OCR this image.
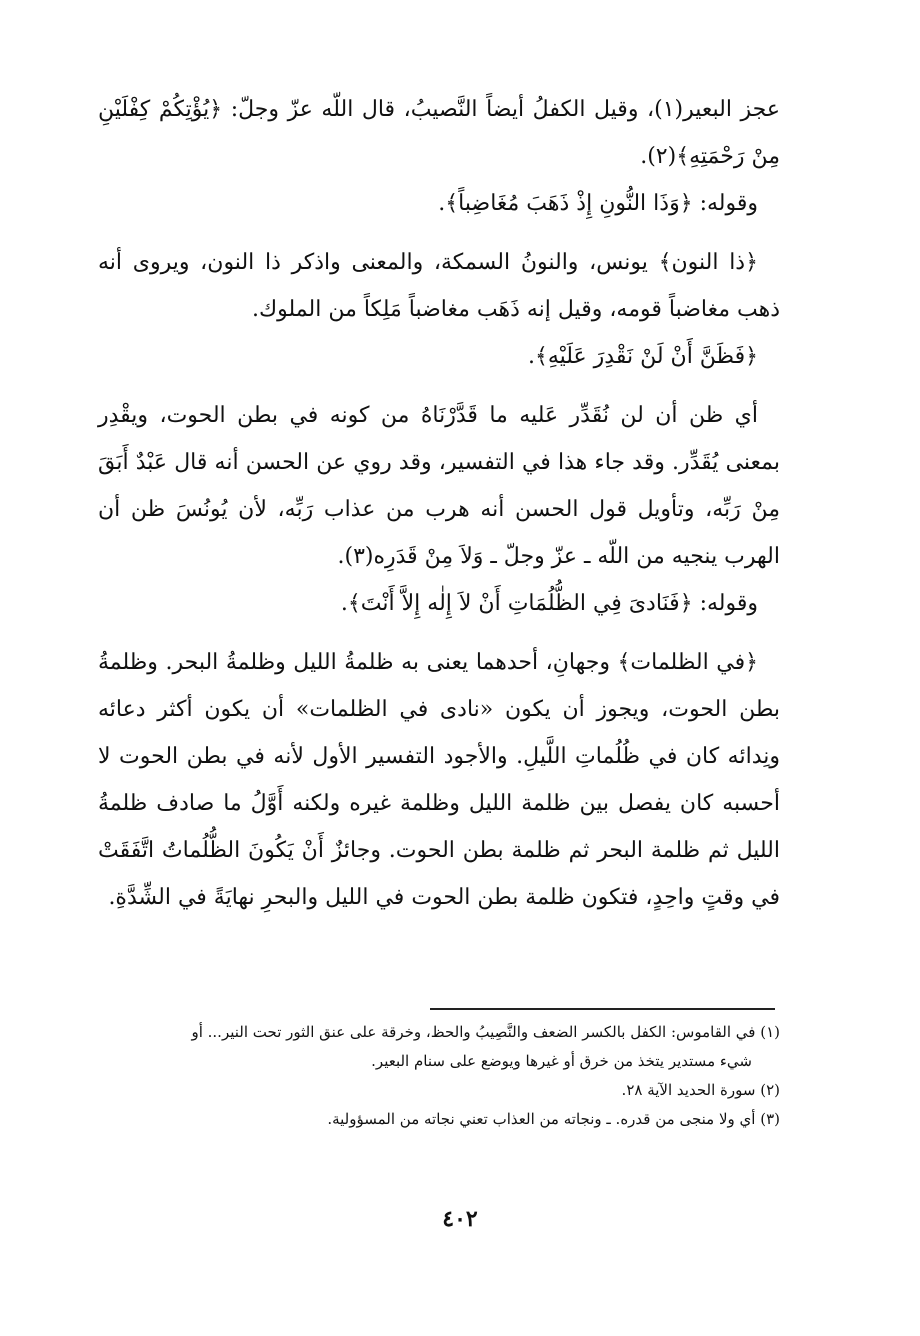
عجز البعير(١)، وقيل الكفلُ أيضاً النَّصيبُ، قال اللّه عزّ وجلّ: ﴿يُؤْتِكُمْ كِفْلَيْنِ مِنْ رَحْمَتِهِ﴾(٢).

وقوله: ﴿وَذَا النُّونِ إِذْ ذَهَبَ مُغَاضِباً﴾.

﴿ذا النون﴾ يونس، والنونُ السمكة، والمعنى واذكر ذا النون، ويروى أنه ذهب مغاضباً قومه، وقيل إنه ذَهَب مغاضباً مَلِكاً من الملوك.

﴿فَظَنَّ أَنْ لَنْ نَقْدِرَ عَلَيْهِ﴾.

أي ظن أن لن نُقَدِّر عَليه ما قَدَّرْنَاهُ من كونه في بطن الحوت، ويقْدِر بمعنى يُقَدِّر. وقد جاء هذا في التفسير، وقد روي عن الحسن أنه قال عَبْدٌ أَبَقَ مِنْ رَبِّه، وتأويل قول الحسن أنه هرب من عذاب رَبِّه، لأن يُونُسَ ظن أن الهرب ينجيه من اللّه ـ عزّ وجلّ ـ وَلاَ مِنْ قَدَرِه(٣).

وقوله: ﴿فَنَادىَ فِي الظُّلُمَاتِ أَنْ لاَ إِلٰه إِلاَّ أَنْتَ﴾.

﴿في الظلمات﴾ وجهانِ، أحدهما يعنى به ظلمةُ الليل وظلمةُ البحر. وظلمةُ بطن الحوت، ويجوز أن يكون «نادى في الظلمات» أن يكون أكثر دعائه ونِدائه كان في ظُلُماتِ اللَّيلِ. والأجود التفسير الأول لأنه في بطن الحوت لا أحسبه كان يفصل بين ظلمة الليل وظلمة غيره ولكنه أَوَّلُ ما صادف ظلمةُ الليل ثم ظلمة البحر ثم ظلمة بطن الحوت. وجائزٌ أَنْ يَكُونَ الظُّلُماتُ اتَّفَقَتْ في وقتٍ واحِدٍ، فتكون ظلمة بطن الحوت في الليل والبحرِ نهايَةً في الشِّدَّةِ.

(١) في القاموس: الكفل بالكسر الضعف والنَّصِيبُ والحظ، وخرقة على عنق الثور تحت النير... أو

شيء مستدير يتخذ من خرق أو غيرها ويوضع على سنام البعير.

(٢) سورة الحديد الآية ٢٨.

(٣) أي ولا منجى من قدره. ـ ونجاته من العذاب تعني نجاته من المسؤولية.

٤٠٢
